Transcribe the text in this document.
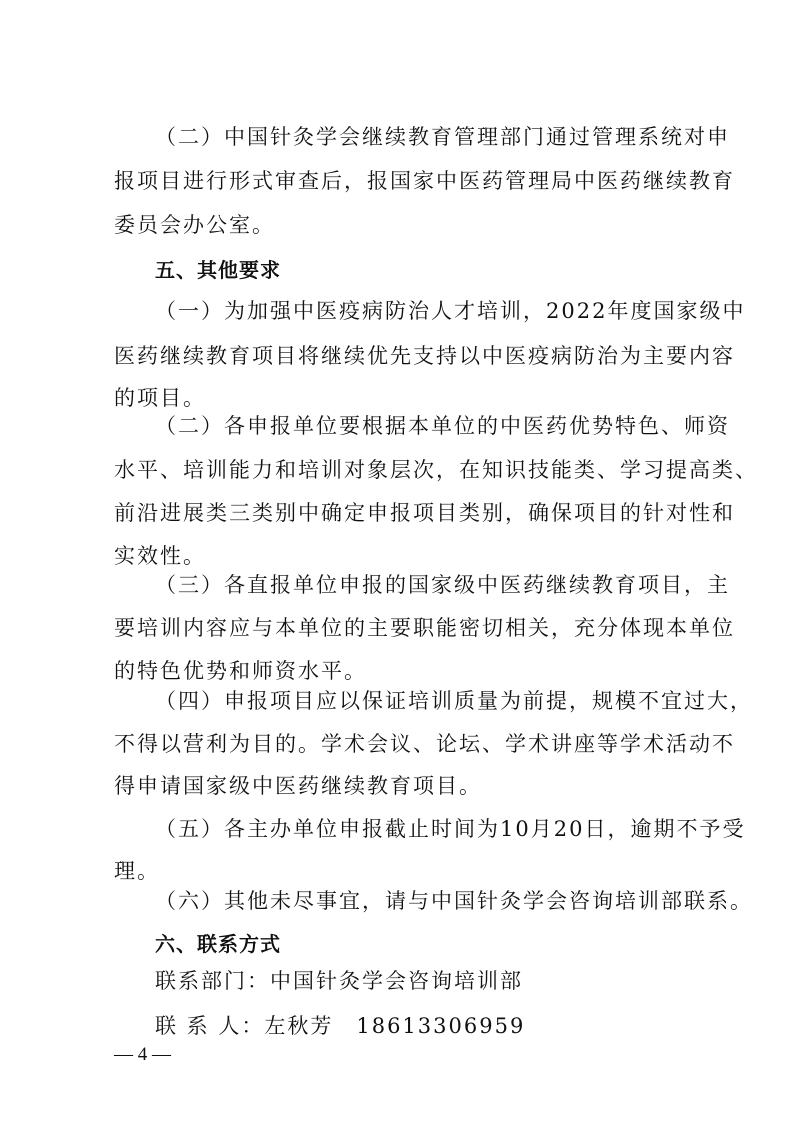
（二）中国针灸学会继续教育管理部门通过管理系统对申
报项目进行形式审查后，报国家中医药管理局中医药继续教育
委员会办公室。
五、其他要求
（一）为加强中医疫病防治人才培训，2022年度国家级中
医药继续教育项目将继续优先支持以中医疫病防治为主要内容
的项目。
（二）各申报单位要根据本单位的中医药优势特色、师资
水平、培训能力和培训对象层次，在知识技能类、学习提高类、
前沿进展类三类别中确定申报项目类别，确保项目的针对性和
实效性。
（三）各直报单位申报的国家级中医药继续教育项目，主
要培训内容应与本单位的主要职能密切相关，充分体现本单位
的特色优势和师资水平。
（四）申报项目应以保证培训质量为前提，规模不宜过大，
不得以营利为目的。学术会议、论坛、学术讲座等学术活动不
得申请国家级中医药继续教育项目。
（五）各主办单位申报截止时间为10月20日，逾期不予受
理。
（六）其他未尽事宜，请与中国针灸学会咨询培训部联系。
六、联系方式
联系部门：中国针灸学会咨询培训部
联 系 人：左秋芳　18613306959
— 4 —
